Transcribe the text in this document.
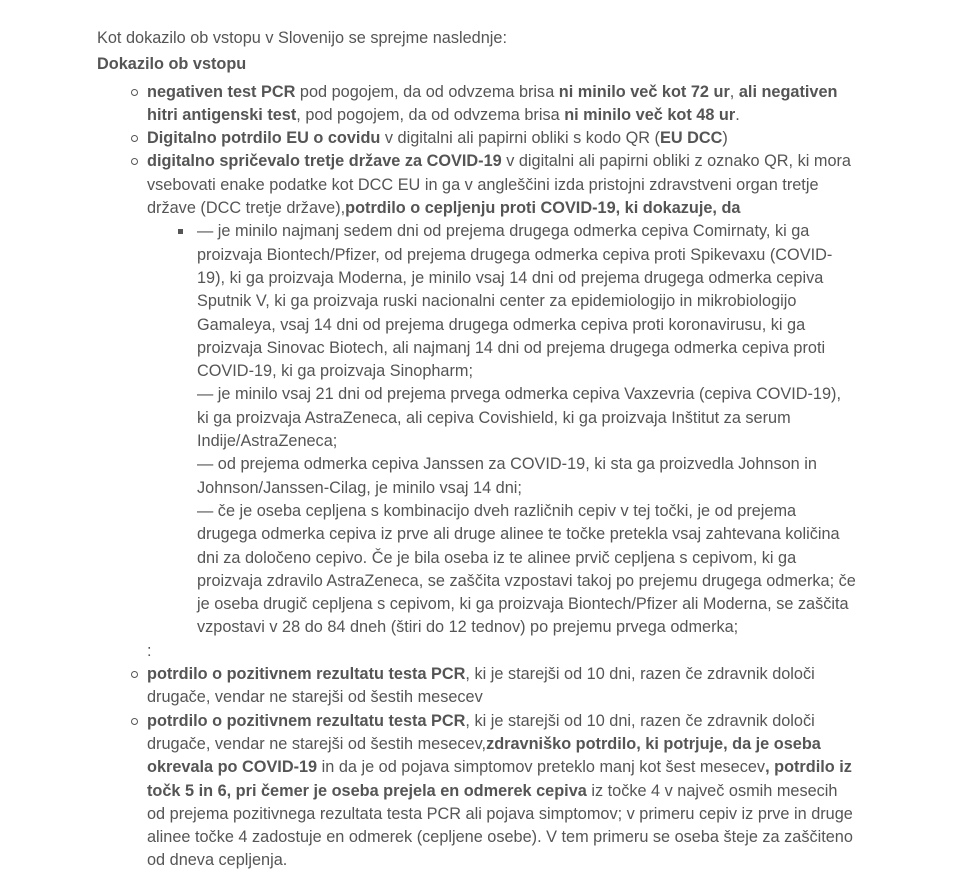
Kot dokazilo ob vstopu v Slovenijo se sprejme naslednje:

Dokazilo ob vstopu

negativen test PCR pod pogojem, da od odvzema brisa ni minilo več kot 72 ur, ali negativen hitri antigenski test, pod pogojem, da od odvzema brisa ni minilo več kot 48 ur.
Digitalno potrdilo EU o covidu v digitalni ali papirni obliki s kodo QR (EU DCC)
digitalno spričevalo tretje države za COVID-19 v digitalni ali papirni obliki z oznako QR, ki mora vsebovati enake podatke kot DCC EU in ga v angleščini izda pristojni zdravstveni organ tretje države (DCC tretje države),potrdilo o cepljenju proti COVID-19, ki dokazuje, da
— je minilo najmanj sedem dni od prejema drugega odmerka cepiva Comirnaty, ki ga proizvaja Biontech/Pfizer, od prejema drugega odmerka cepiva proti Spikevaxu (COVID-19), ki ga proizvaja Moderna, je minilo vsaj 14 dni od prejema drugega odmerka cepiva Sputnik V, ki ga proizvaja ruski nacionalni center za epidemiologijo in mikrobiologijo Gamaleya, vsaj 14 dni od prejema drugega odmerka cepiva proti koronavirusu, ki ga proizvaja Sinovac Biotech, ali najmanj 14 dni od prejema drugega odmerka cepiva proti COVID-19, ki ga proizvaja Sinopharm;
— je minilo vsaj 21 dni od prejema prvega odmerka cepiva Vaxzevria (cepiva COVID-19), ki ga proizvaja AstraZeneca, ali cepiva Covishield, ki ga proizvaja Inštitut za serum Indije/AstraZeneca;
— od prejema odmerka cepiva Janssen za COVID-19, ki sta ga proizvedla Johnson in Johnson/Janssen-Cilag, je minilo vsaj 14 dni;
— če je oseba cepljena s kombinacijo dveh različnih cepiv v tej točki, je od prejema drugega odmerka cepiva iz prve ali druge alinee te točke pretekla vsaj zahtevana količina dni za določeno cepivo. Če je bila oseba iz te alinee prvič cepljena s cepivom, ki ga proizvaja zdravilo AstraZeneca, se zaščita vzpostavi takoj po prejemu drugega odmerka; če je oseba drugič cepljena s cepivom, ki ga proizvaja Biontech/Pfizer ali Moderna, se zaščita vzpostavi v 28 do 84 dneh (štiri do 12 tednov) po prejemu prvega odmerka;
:
potrdilo o pozitivnem rezultatu testa PCR, ki je starejši od 10 dni, razen če zdravnik določi drugače, vendar ne starejši od šestih mesecev
potrdilo o pozitivnem rezultatu testa PCR, ki je starejši od 10 dni, razen če zdravnik določi drugače, vendar ne starejši od šestih mesecev,zdravniško potrdilo, ki potrjuje, da je oseba okrevala po COVID-19 in da je od pojava simptomov preteklo manj kot šest mesecev, potrdilo iz točk 5 in 6, pri čemer je oseba prejela en odmerek cepiva iz točke 4 v največ osmih mesecih od prejema pozitivnega rezultata testa PCR ali pojava simptomov; v primeru cepiv iz prve in druge alinee točke 4 zadostuje en odmerek (cepljene osebe). V tem primeru se oseba šteje za zaščiteno od dneva cepljenja.
